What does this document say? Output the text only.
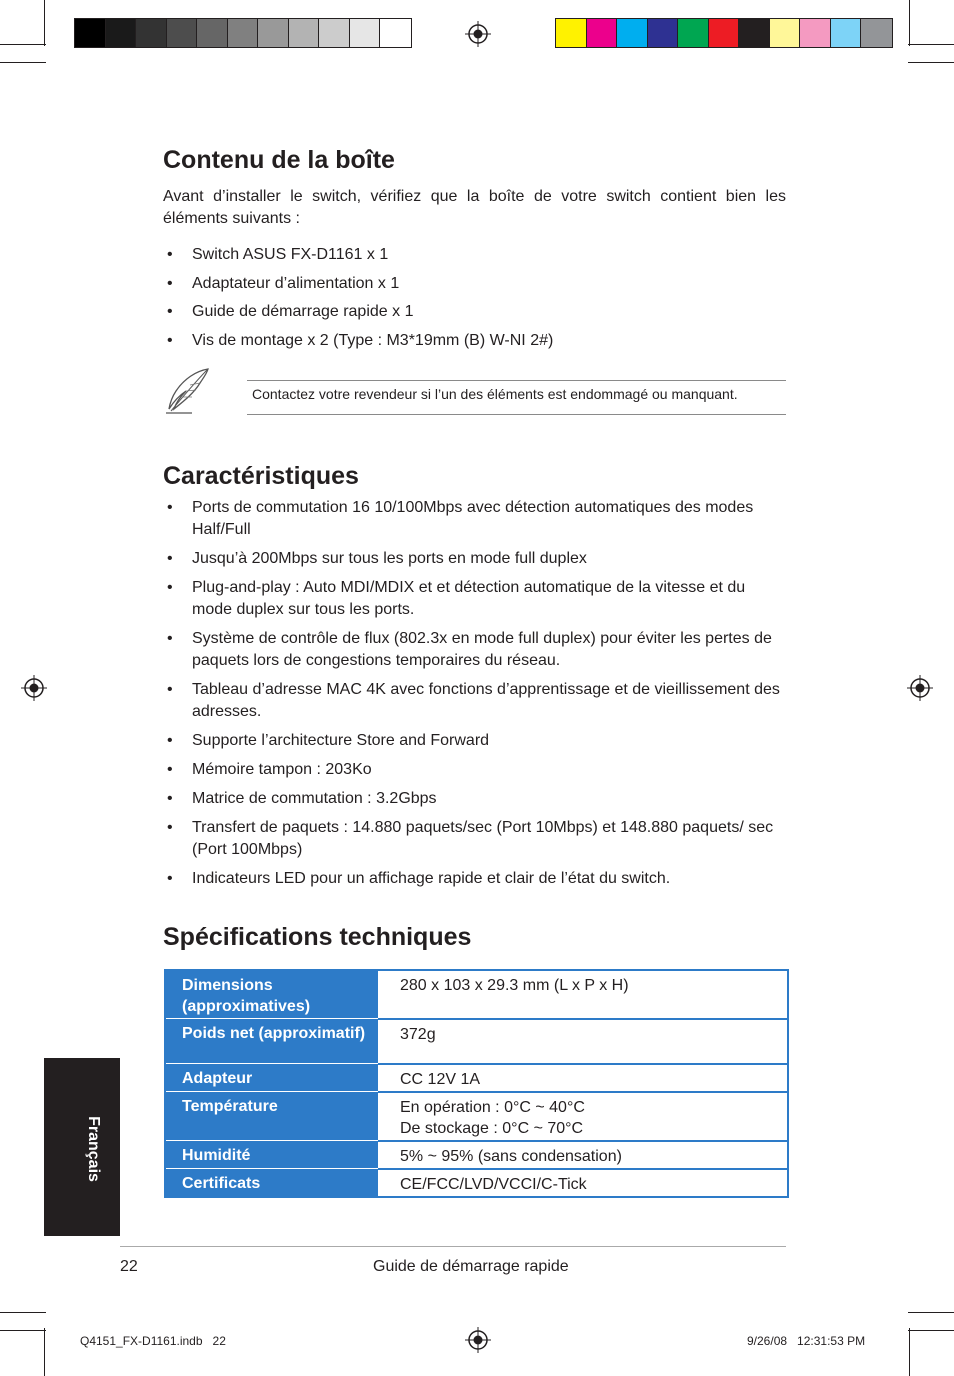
Contenu de la boîte

Avant d’installer le switch, vérifiez que la boîte de votre switch contient bien les éléments suivants :

• Switch ASUS FX-D1161 x 1
• Adaptateur d’alimentation x 1
• Guide de démarrage rapide x 1
• Vis de montage x 2 (Type : M3*19mm (B) W-NI 2#)
Contactez votre revendeur si l’un des éléments est endommagé ou manquant.
Caractéristiques
• Ports de commutation 16 10/100Mbps avec détection automatiques des modes Half/Full
• Jusqu’à 200Mbps sur tous les ports en mode full duplex
• Plug-and-play : Auto MDI/MDIX et et détection automatique de la vitesse et du mode duplex sur tous les ports.
• Système de contrôle de flux (802.3x en mode full duplex) pour éviter les pertes de paquets lors de congestions temporaires du réseau.
• Tableau d’adresse MAC 4K avec fonctions d’apprentissage et de vieillissement des adresses.
• Supporte l’architecture Store and Forward
• Mémoire tampon : 203Ko
• Matrice de commutation : 3.2Gbps
• Transfert de paquets : 14.880 paquets/sec (Port 10Mbps) et 148.880 paquets/ sec (Port 100Mbps)
• Indicateurs LED pour un affichage rapide et clair de l’état du switch.
Spécifications techniques
Dimensions (approximatives)	280 x 103 x 29.3 mm (L x P x H)
Poids net (approximatif)	372g
Adapteur	CC 12V 1A
Température	En opération : 0°C ~ 40°C
De stockage : 0°C ~ 70°C

Humidité	5% ~ 95% (sans condensation)
Certificats	CE/FCC/LVD/VCCI/C-Tick
Français
22	Guide de démarrage rapide
Q4151_FX-D1161.indb   22	9/26/08   12:31:53 PM
